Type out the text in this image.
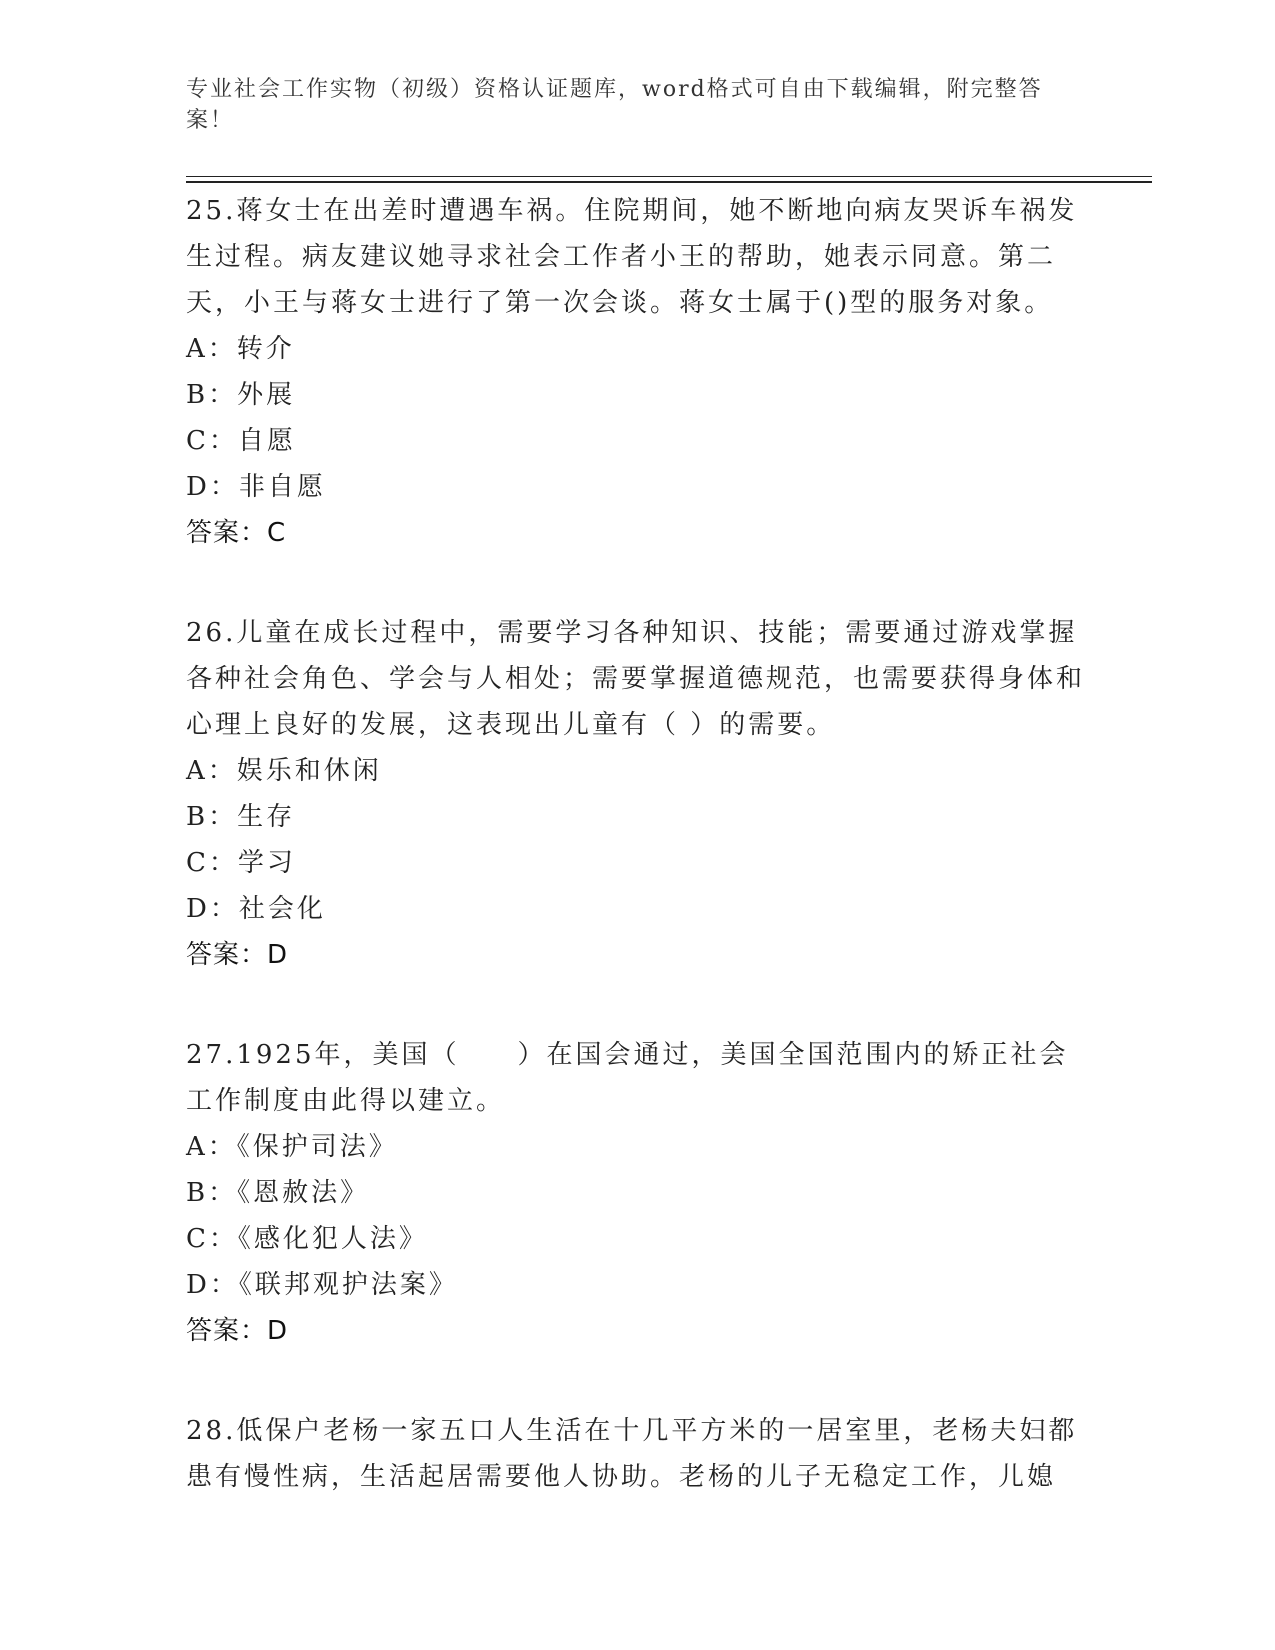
专业社会工作实物（初级）资格认证题库，word格式可自由下载编辑，附完整答案！

25.蒋女士在出差时遭遇车祸。住院期间，她不断地向病友哭诉车祸发生过程。病友建议她寻求社会工作者小王的帮助，她表示同意。第二天，小王与蒋女士进行了第一次会谈。蒋女士属于()型的服务对象。

A：转介

B：外展

C：自愿

D：非自愿

答案：C

26.儿童在成长过程中，需要学习各种知识、技能；需要通过游戏掌握各种社会角色、学会与人相处；需要掌握道德规范，也需要获得身体和心理上良好的发展，这表现出儿童有（ ）的需要。

A：娱乐和休闲

B：生存

C：学习

D：社会化

答案：D

27.1925年，美国（　　）在国会通过，美国全国范围内的矫正社会工作制度由此得以建立。

A：《保护司法》

B：《恩赦法》

C：《感化犯人法》

D：《联邦观护法案》

答案：D

28.低保户老杨一家五口人生活在十几平方米的一居室里，老杨夫妇都患有慢性病，生活起居需要他人协助。老杨的儿子无稳定工作，儿媳
